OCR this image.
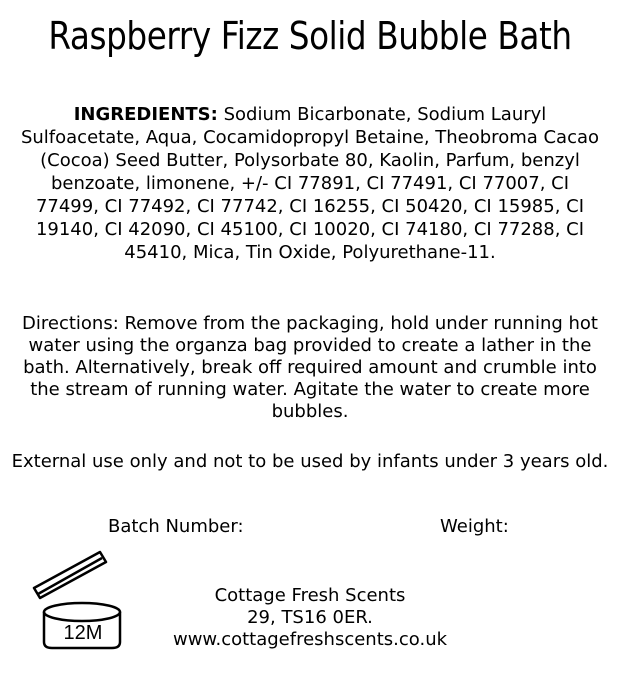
Raspberry Fizz Solid Bubble Bath
INGREDIENTS: Sodium Bicarbonate, Sodium Lauryl Sulfoacetate, Aqua, Cocamidopropyl Betaine, Theobroma Cacao (Cocoa) Seed Butter, Polysorbate 80, Kaolin, Parfum, benzyl benzoate, limonene, +/- CI 77891, CI 77491, CI 77007, CI 77499, CI 77492, CI 77742, CI 16255, CI 50420, CI 15985, CI 19140, CI 42090, CI 45100, CI 10020, CI 74180, CI 77288, CI 45410, Mica, Tin Oxide, Polyurethane-11.
Directions: Remove from the packaging, hold under running hot water using the organza bag provided to create a lather in the bath. Alternatively, break off required amount and crumble into the stream of running water. Agitate the water to create more bubbles.
External use only and not to be used by infants under 3 years old.
Batch Number:	Weight:
12M
Cottage Fresh Scents
29, TS16 0ER.
www.cottagefreshscents.co.uk
